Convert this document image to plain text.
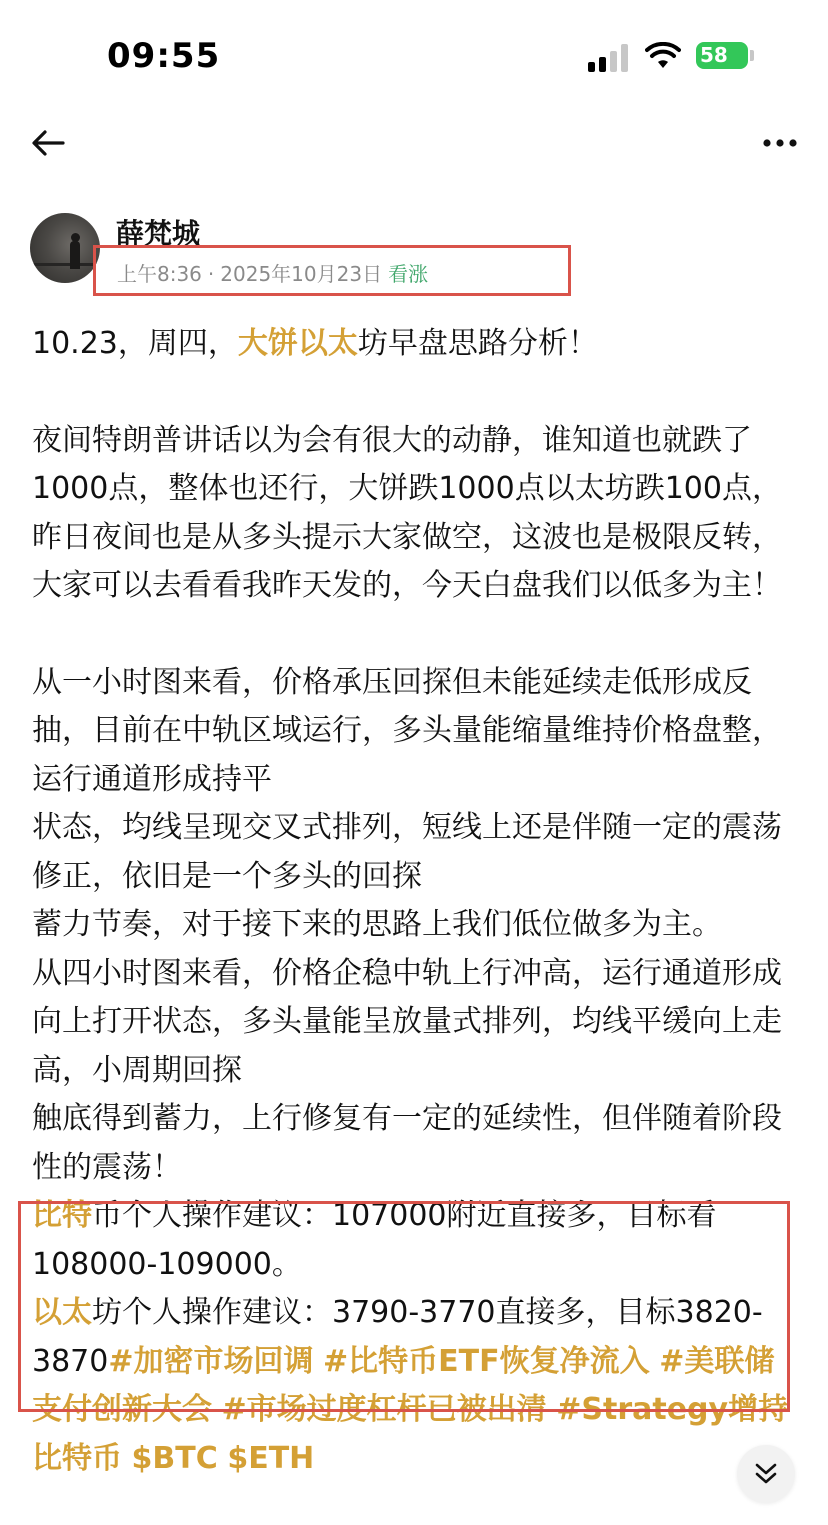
09:55	58
薛梵城
上午8:36 · 2025年10月23日 看涨

10.23，周四，大饼以太坊早盘思路分析！

夜间特朗普讲话以为会有很大的动静，谁知道也就跌了1000点，整体也还行，大饼跌1000点以太坊跌100点，昨日夜间也是从多头提示大家做空，这波也是极限反转，大家可以去看看我昨天发的，今天白盘我们以低多为主！

从一小时图来看，价格承压回探但未能延续走低形成反抽，目前在中轨区域运行，多头量能缩量维持价格盘整，运行通道形成持平

状态，均线呈现交叉式排列，短线上还是伴随一定的震荡修正，依旧是一个多头的回探

蓄力节奏，对于接下来的思路上我们低位做多为主。

从四小时图来看，价格企稳中轨上行冲高，运行通道形成向上打开状态，多头量能呈放量式排列，均线平缓向上走高，小周期回探

触底得到蓄力，上行修复有一定的延续性，但伴随着阶段性的震荡！

比特币个人操作建议：107000附近直接多，目标看108000-109000。

以太坊个人操作建议：3790-3770直接多，目标3820-3870#加密市场回调 #比特币ETF恢复净流入 #美联储支付创新大会 #市场过度杠杆已被出清 #Strategy增持比特币 $BTC $ETH
